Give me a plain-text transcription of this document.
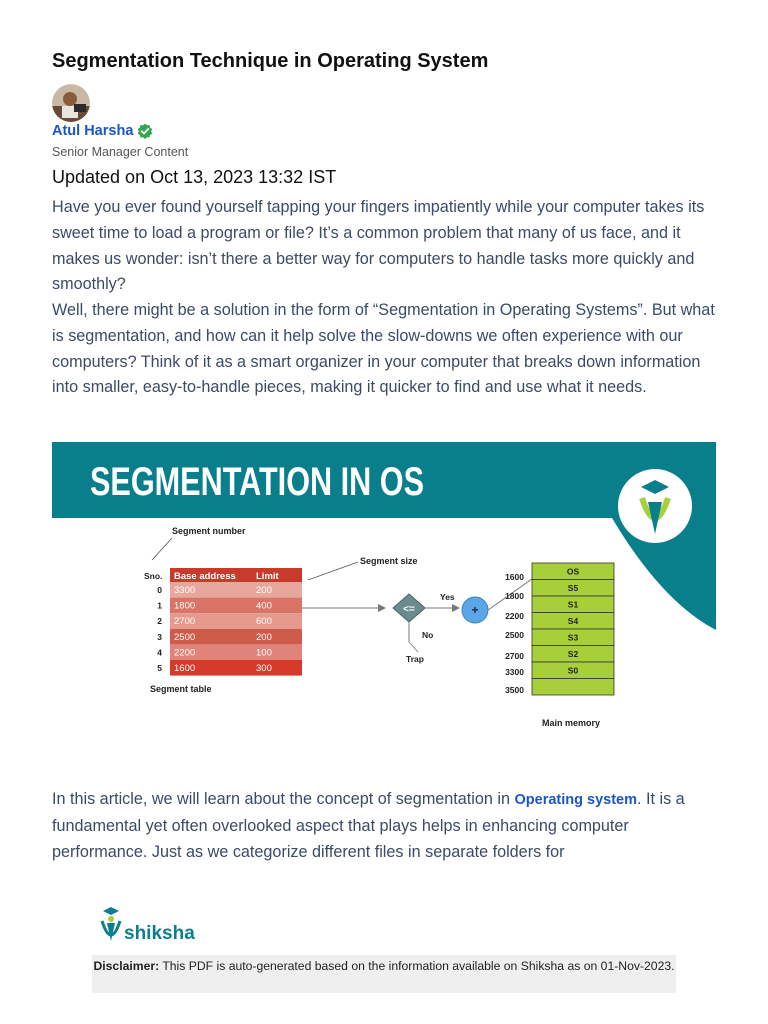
Segmentation Technique in Operating System
Atul Harsha
Senior Manager Content
Updated on Oct 13, 2023 13:32 IST

Have you ever found yourself tapping your fingers impatiently while your computer takes its sweet time to load a program or file? It’s a common problem that many of us face, and it makes us wonder: isn’t there a better way for computers to handle tasks more quickly and smoothly?

Well, there might be a solution in the form of “Segmentation in Operating Systems”. But what is segmentation, and how can it help solve the slow-downs we often experience with our computers? Think of it as a smart organizer in your computer that breaks down information into smaller, easy-to-handle pieces, making it quicker to find and use what it needs.

SEGMENTATION IN OS
Segment number
Sno.
Segment size
Base address Limit
0 3300	200
1 1800	400
2 2700	600
3 2500	200
4 2200	100
5 1600	300
Segment table
<=
Yes
No
Trap
+
OS
S5
S1
S4
S3
S2
S0
1600
1800
2200
2500
2700
3300
3500
Main memory

In this article, we will learn about the concept of segmentation in Operating system. It is a fundamental yet often overlooked aspect that plays helps in enhancing computer performance. Just as we categorize different files in separate folders for

shiksha
Disclaimer: This PDF is auto-generated based on the information available on Shiksha as on 01-Nov-2023.
